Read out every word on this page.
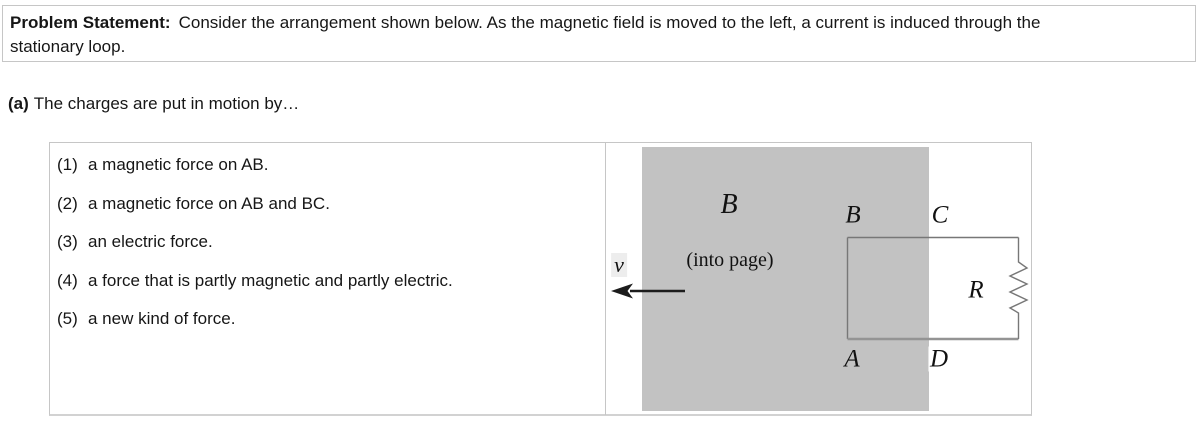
Problem Statement: Consider the arrangement shown below. As the magnetic field is moved to the left, a current is induced through the
stationary loop.
(a) The charges are put in motion by…
(1) a magnetic force on AB.
(2) a magnetic force on AB and BC.
(3) an electric force.
(4) a force that is partly magnetic and partly electric.
(5) a new kind of force.
B
(into page)
v
B	C
A	D
R
